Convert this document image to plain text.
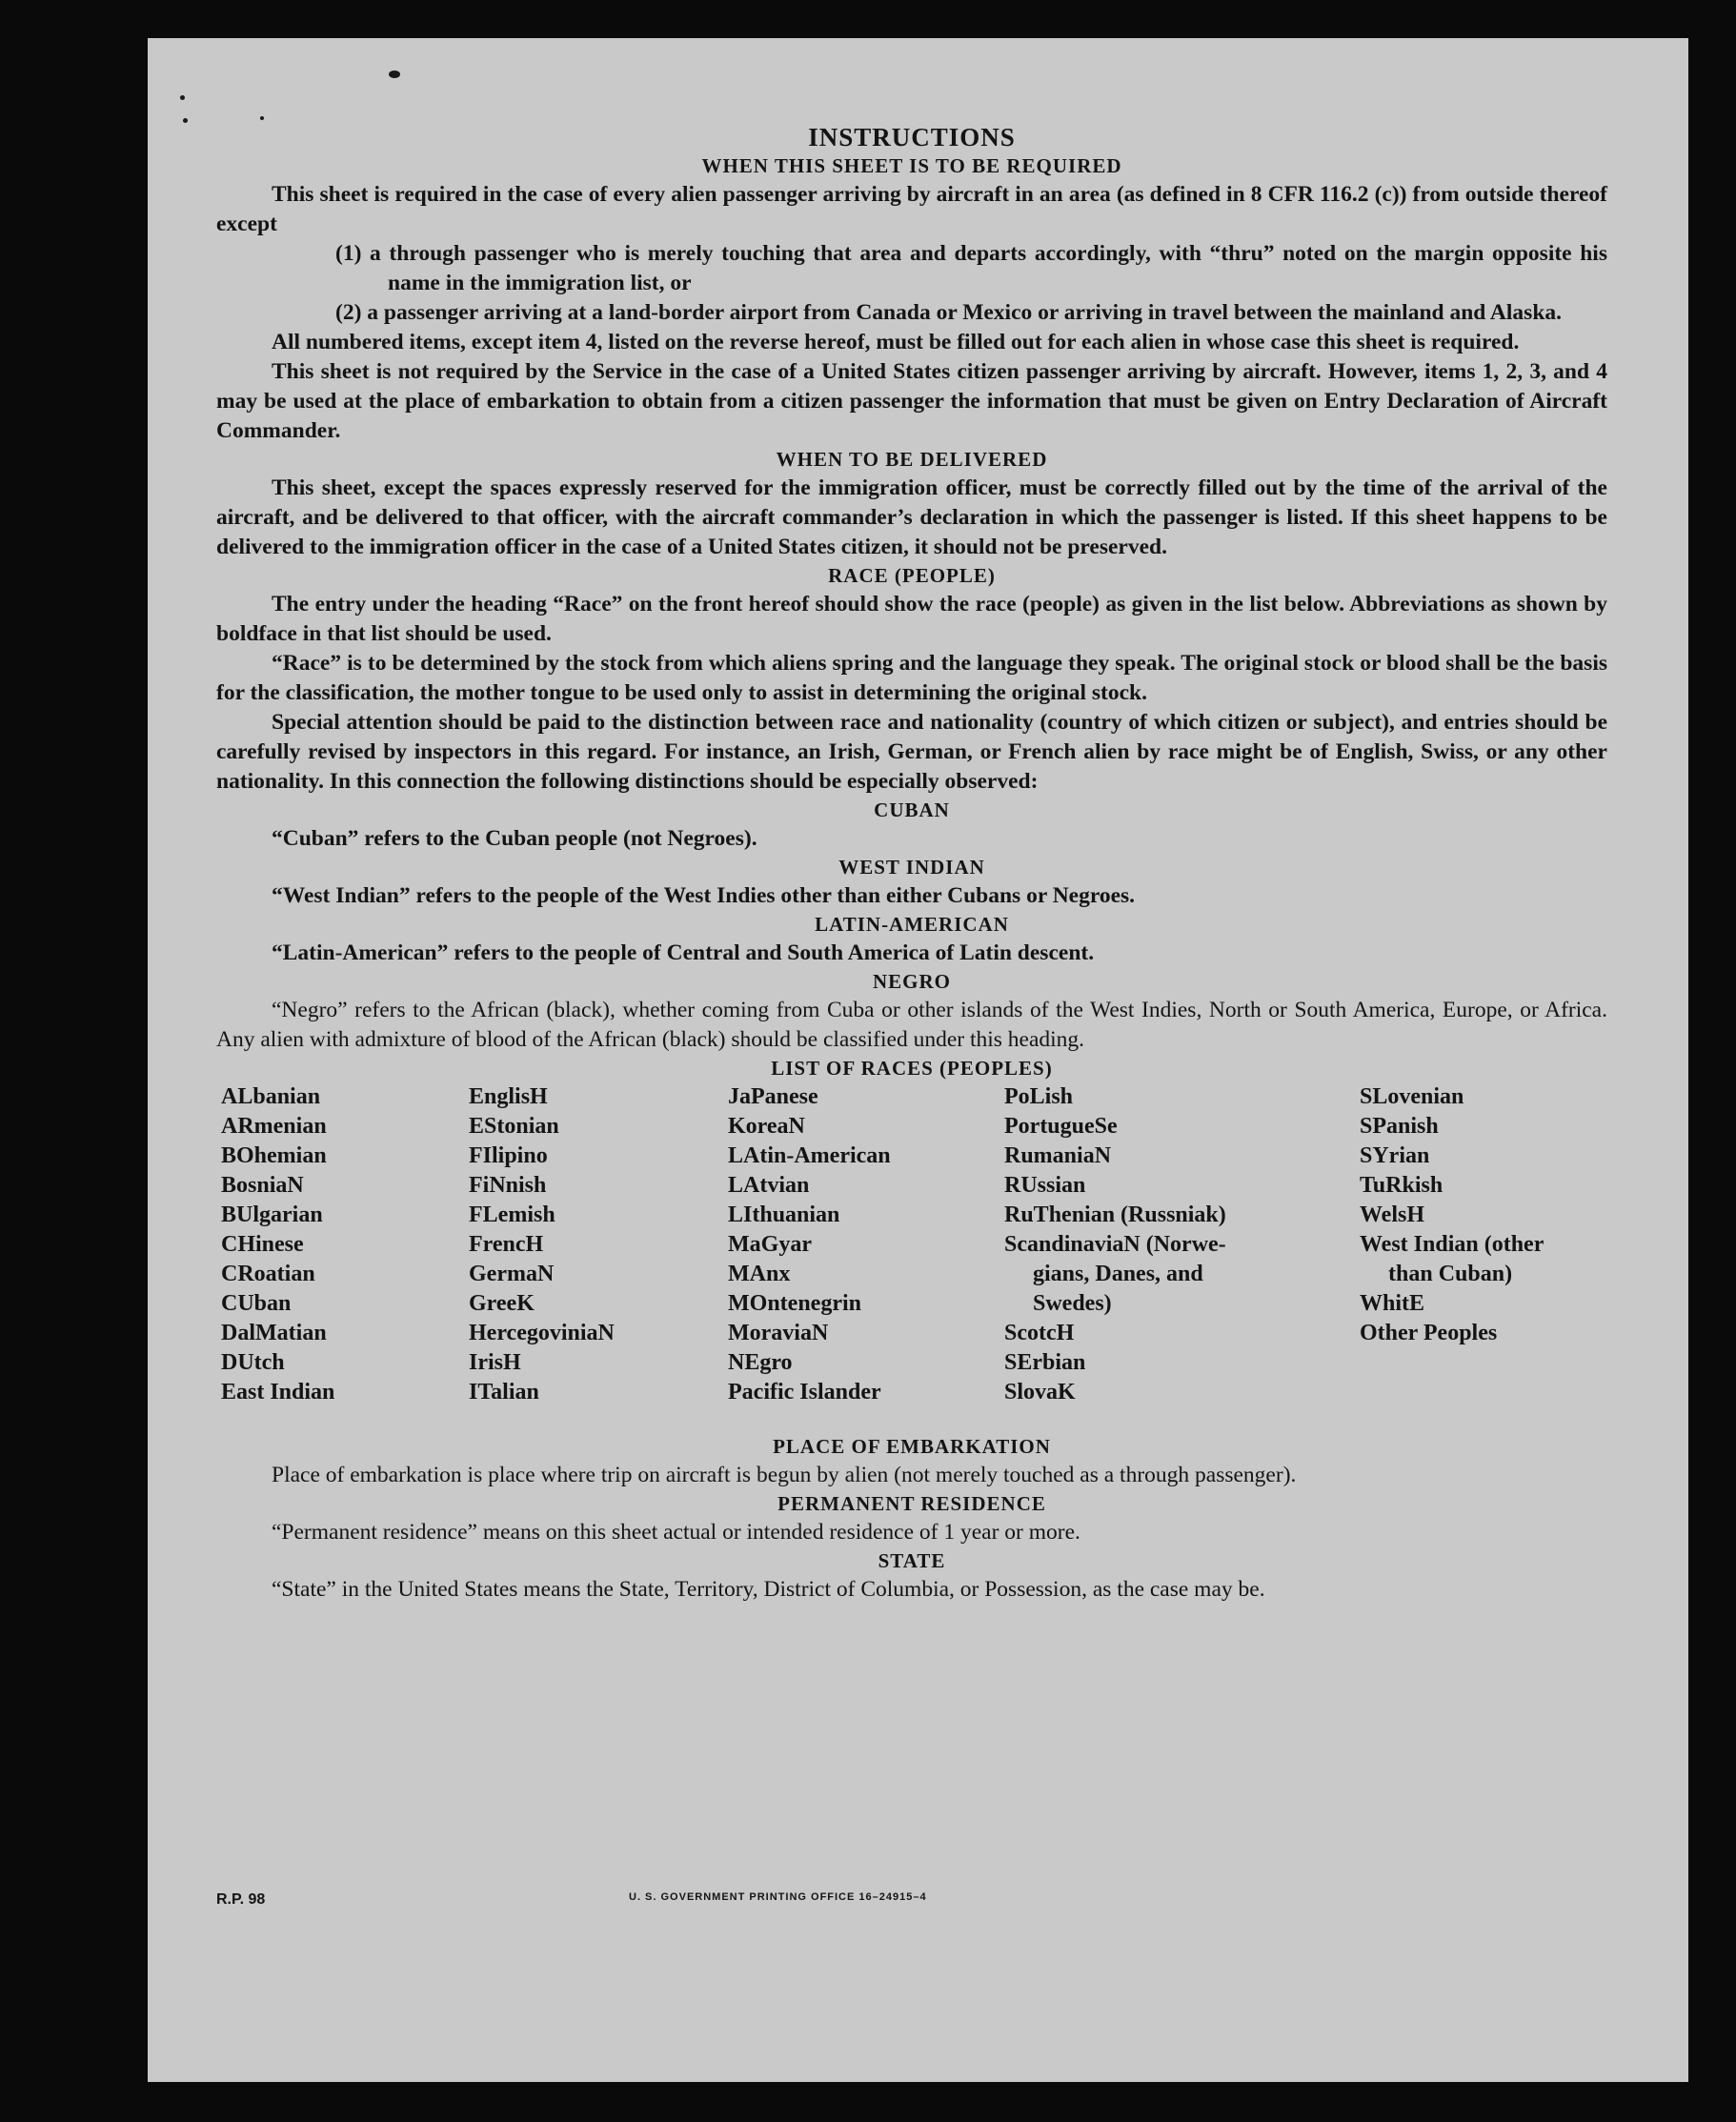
INSTRUCTIONS

WHEN THIS SHEET IS TO BE REQUIRED

This sheet is required in the case of every alien passenger arriving by aircraft in an area (as defined in 8 CFR 116.2 (c)) from outside thereof except

(1) a through passenger who is merely touching that area and departs accordingly, with “thru” noted on the margin opposite his name in the immigration list, or

(2) a passenger arriving at a land-border airport from Canada or Mexico or arriving in travel between the mainland and Alaska.

All numbered items, except item 4, listed on the reverse hereof, must be filled out for each alien in whose case this sheet is required.

This sheet is not required by the Service in the case of a United States citizen passenger arriving by aircraft. However, items 1, 2, 3, and 4 may be used at the place of embarkation to obtain from a citizen passenger the information that must be given on Entry Declaration of Aircraft Commander.

WHEN TO BE DELIVERED

This sheet, except the spaces expressly reserved for the immigration officer, must be correctly filled out by the time of the arrival of the aircraft, and be delivered to that officer, with the aircraft commander’s declaration in which the passenger is listed. If this sheet happens to be delivered to the immigration officer in the case of a United States citizen, it should not be preserved.

RACE (PEOPLE)

The entry under the heading “Race” on the front hereof should show the race (people) as given in the list below. Abbreviations as shown by boldface in that list should be used.

“Race” is to be determined by the stock from which aliens spring and the language they speak. The original stock or blood shall be the basis for the classification, the mother tongue to be used only to assist in determining the original stock.

Special attention should be paid to the distinction between race and nationality (country of which citizen or subject), and entries should be carefully revised by inspectors in this regard. For instance, an Irish, German, or French alien by race might be of English, Swiss, or any other nationality. In this connection the following distinctions should be especially observed:

CUBAN

“Cuban” refers to the Cuban people (not Negroes).

WEST INDIAN

“West Indian” refers to the people of the West Indies other than either Cubans or Negroes.

LATIN-AMERICAN

“Latin-American” refers to the people of Central and South America of Latin descent.

NEGRO

“Negro” refers to the African (black), whether coming from Cuba or other islands of the West Indies, North or South America, Europe, or Africa. Any alien with admixture of blood of the African (black) should be classified under this heading.

LIST OF RACES (PEOPLES)

ALbanian
ARmenian
BOhemian
BosniaN
BUlgarian
CHinese
CRoatian
CUban
DalMatian
DUtch
East Indian
EnglisH
EStonian
FIlipino
FiNnish
FLemish
FrencH
GermaN
GreeK
HercegoviniaN
IrisH
ITalian
JaPanese
KoreaN
LAtin-American
LAtvian
LIthuanian
MaGyar
MAnx
MOntenegrin
MoraviaN
NEgro
Pacific Islander
PoLish
PortugueSe
RumaniaN
RUssian
RuThenian (Russniak)
ScandinaviaN (Norwe-
gians, Danes, and
Swedes)
ScotcH
SErbian
SlovaK
SLovenian
SPanish
SYrian
TuRkish
WelsH
West Indian (other
than Cuban)
WhitE
Other Peoples

PLACE OF EMBARKATION

Place of embarkation is place where trip on aircraft is begun by alien (not merely touched as a through passenger).

PERMANENT RESIDENCE

“Permanent residence” means on this sheet actual or intended residence of 1 year or more.

STATE

“State” in the United States means the State, Territory, District of Columbia, or Possession, as the case may be.

U. S. GOVERNMENT PRINTING OFFICE 16–24915–4
R.P. 98
